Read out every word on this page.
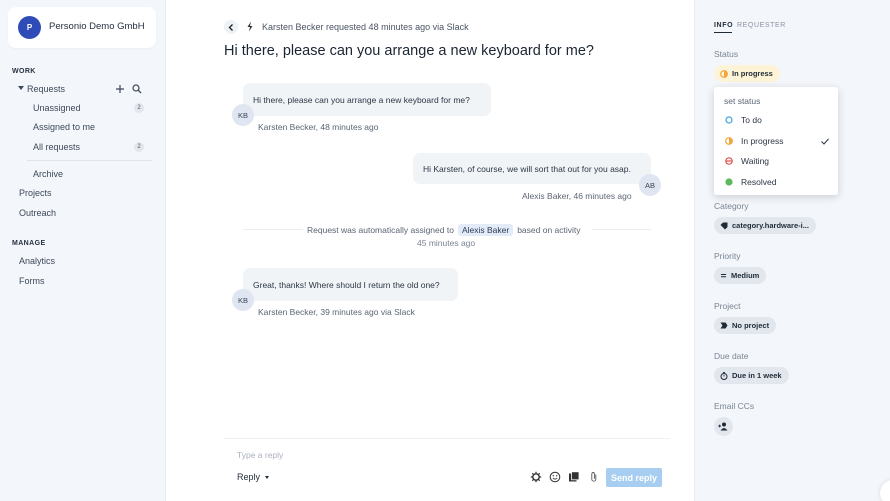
P	Personio Demo GmbH
WORK
Requests
Unassigned	2
Assigned to me
All requests	2
Archive
Projects
Outreach
MANAGE
Analytics
Forms
Karsten Becker requested 48 minutes ago via Slack
Hi there, please can you arrange a new keyboard for me?
Hi there, please can you arrange a new keyboard for me?
KB
Karsten Becker, 48 minutes ago
Hi Karsten, of course, we will sort that out for you asap.
AB
Alexis Baker, 46 minutes ago
Request was automatically assigned to Alexis Baker based on activity
45 minutes ago
Great, thanks! Where should I return the old one?
KB
Karsten Becker, 39 minutes ago via Slack
Type a reply
Reply	Send reply
INFO REQUESTER
Status
In progress
set status
To do
In progress
Waiting
Resolved
Category
category.hardware-i...
Priority
Medium
Project
No project
Due date
Due in 1 week
Email CCs
